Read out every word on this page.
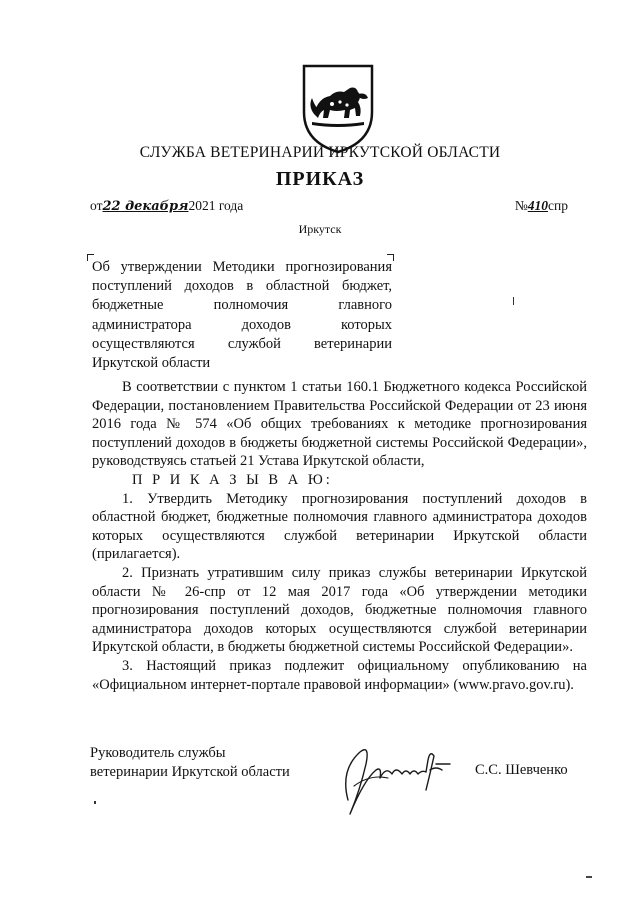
СЛУЖБА ВЕТЕРИНАРИИ ИРКУТСКОЙ ОБЛАСТИ
ПРИКАЗ
от22 декабря2021 года	№410спр
Иркутск

Об утверждении Методики прогнозирования

поступлений доходов в областной бюджет,

бюджетные полномочия главного

администратора доходов которых

осуществляются службой ветеринарии

Иркутской области

В соответствии с пунктом 1 статьи 160.1 Бюджетного кодекса Российской Федерации, постановлением Правительства Российской Федерации от 23 июня 2016 года № 574 «Об общих требованиях к методике прогнозирования поступлений доходов в бюджеты бюджетной системы Российской Федерации», руководствуясь статьей 21 Устава Иркутской области,

П Р И К А З Ы В А Ю:

1. Утвердить Методику прогнозирования поступлений доходов в областной бюджет, бюджетные полномочия главного администратора доходов которых осуществляются службой ветеринарии Иркутской области (прилагается).

2. Признать утратившим силу приказ службы ветеринарии Иркутской области № 26-спр от 12 мая 2017 года «Об утверждении методики прогнозирования поступлений доходов, бюджетные полномочия главного администратора доходов которых осуществляются службой ветеринарии Иркутской области, в бюджеты бюджетной системы Российской Федерации».

3. Настоящий приказ подлежит официальному опубликованию на «Официальном интернет-портале правовой информации» (www.pravo.gov.ru).

Руководитель службы
ветеринарии Иркутской области	С.С. Шевченко
